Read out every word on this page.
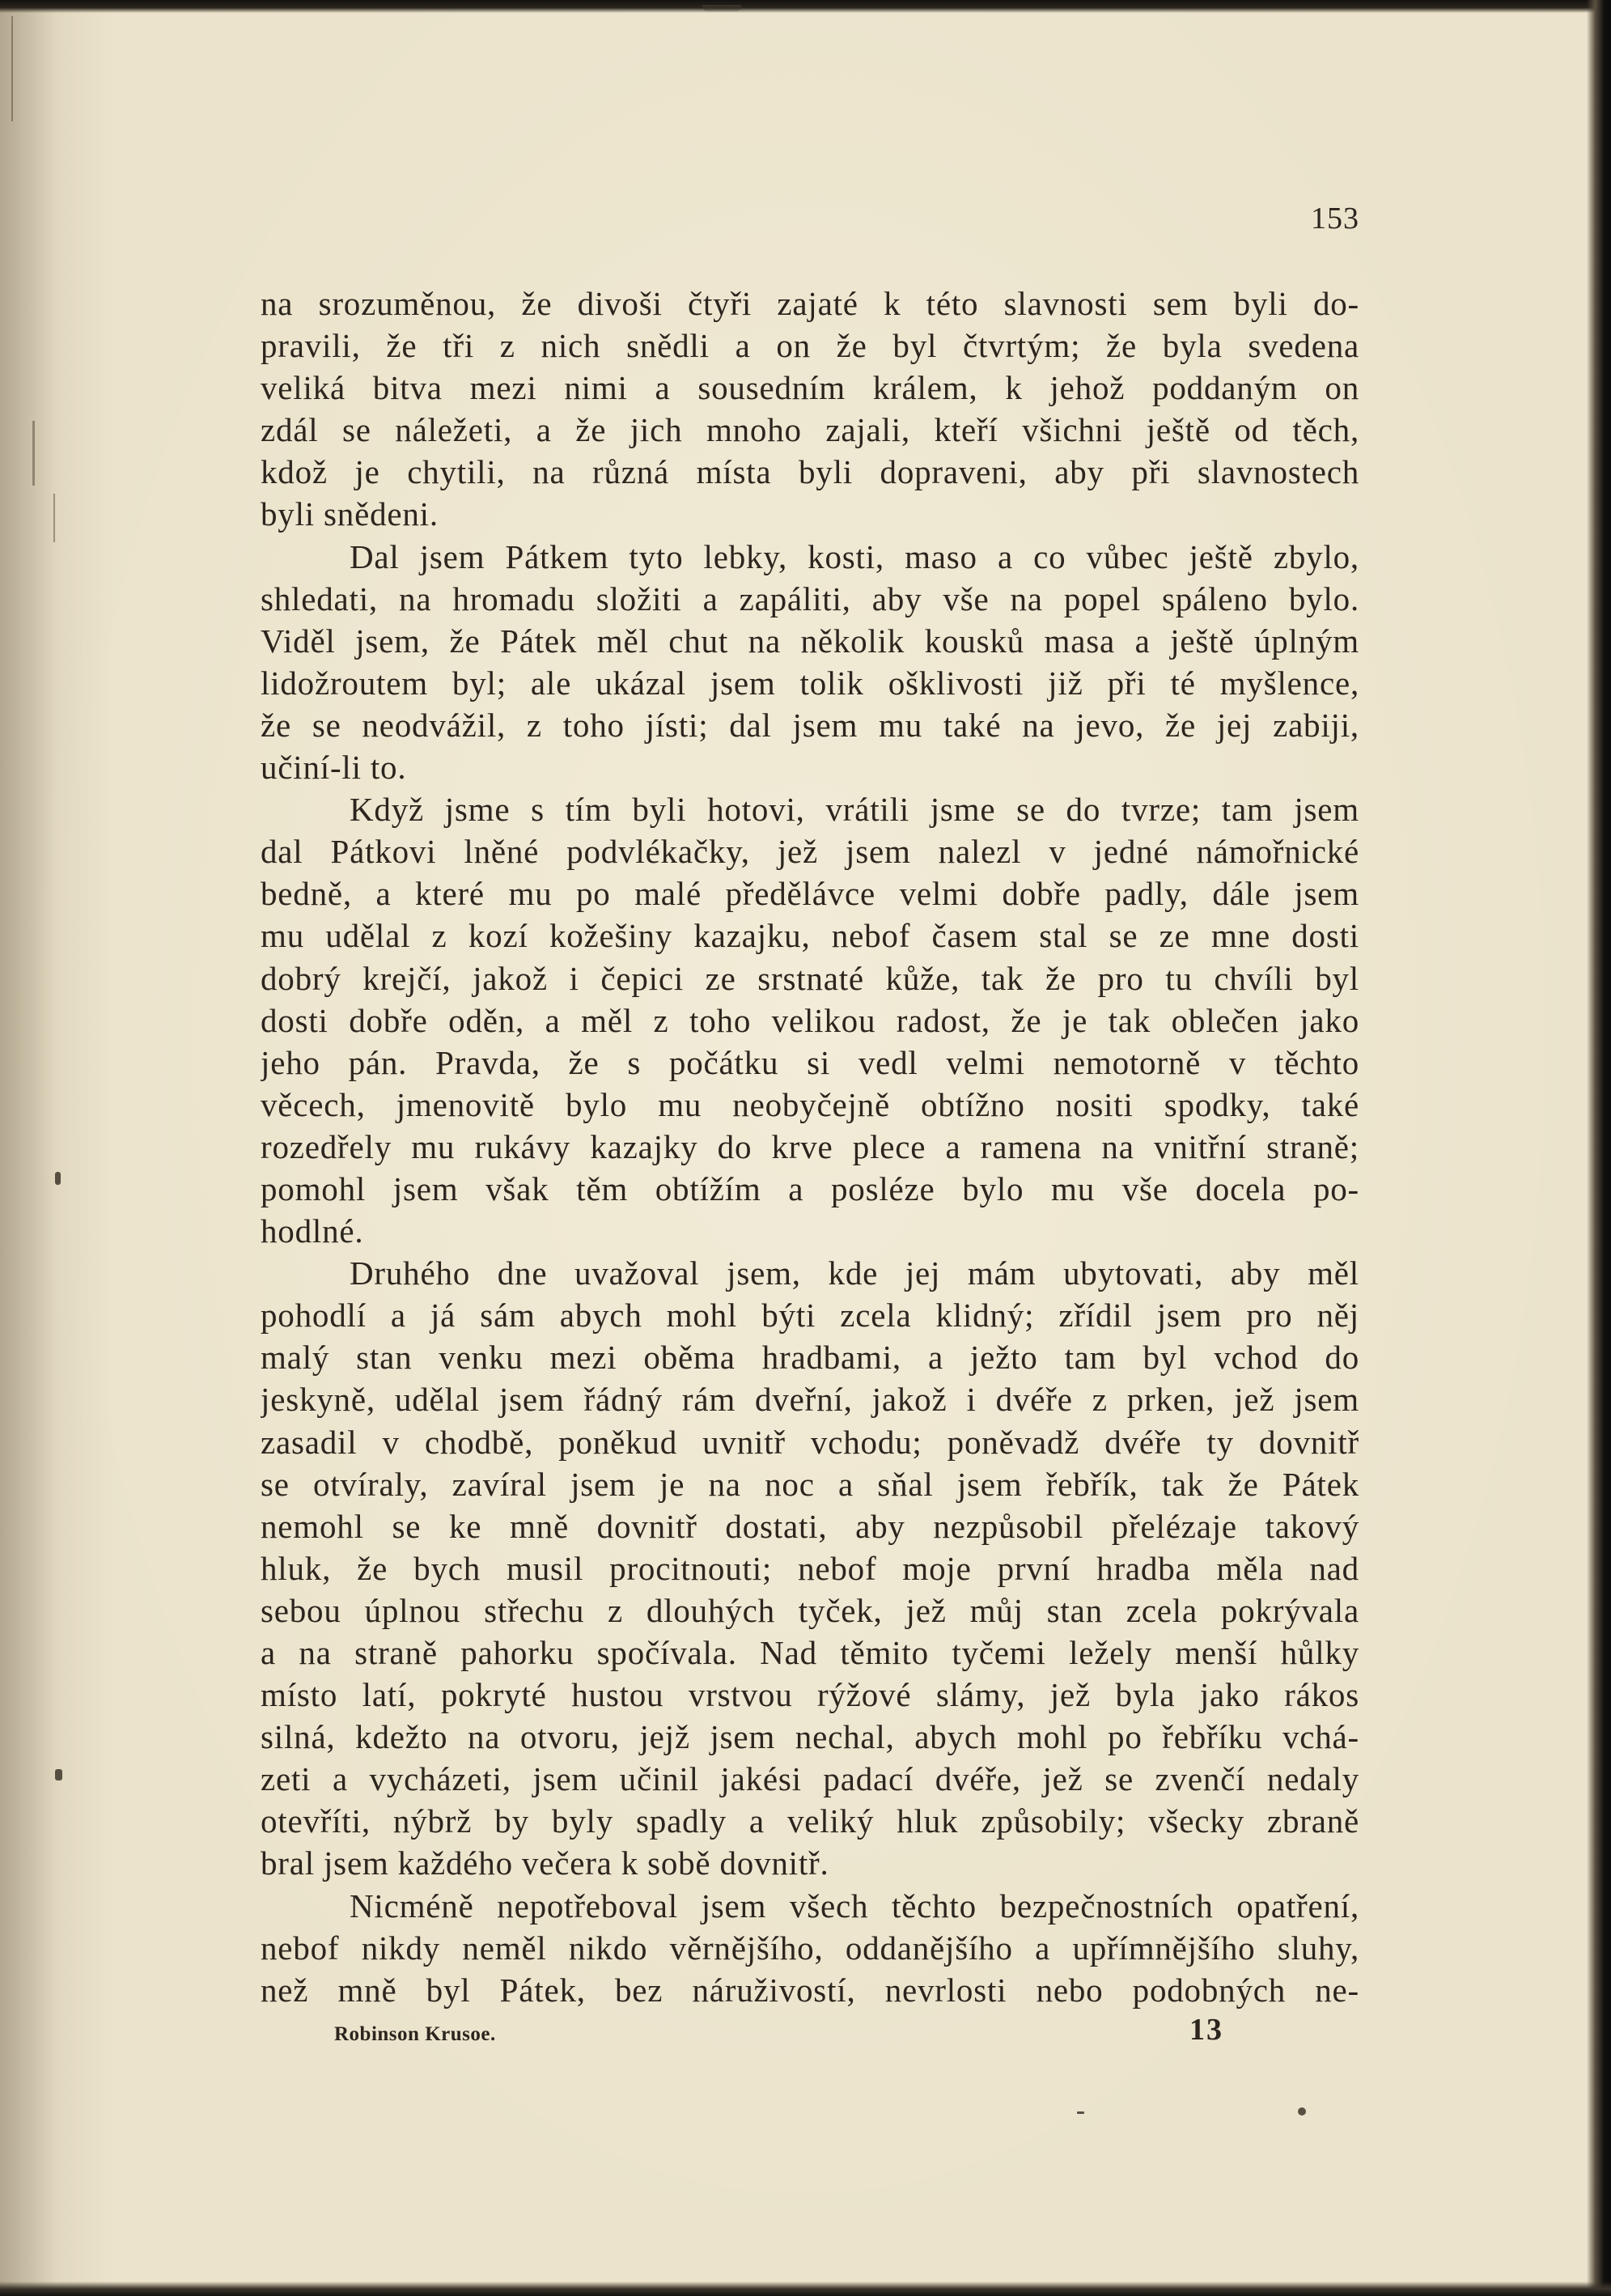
153
na srozuměnou, že divoši čtyři zajaté k této slavnosti sem byli do-
pravili, že tři z nich snědli a on že byl čtvrtým; že byla svedena
veliká bitva mezi nimi a sousedním králem, k jehož poddaným on
zdál se náležeti, a že jich mnoho zajali, kteří všichni ještě od těch,
kdož je chytili, na různá místa byli dopraveni, aby při slavnostech
byli snědeni.
Dal jsem Pátkem tyto lebky, kosti, maso a co vůbec ještě zbylo,
shledati, na hromadu složiti a zapáliti, aby vše na popel spáleno bylo.
Viděl jsem, že Pátek měl chut na několik kousků masa a ještě úplným
lidožroutem byl; ale ukázal jsem tolik ošklivosti již při té myšlence,
že se neodvážil, z toho jísti; dal jsem mu také na jevo, že jej zabiji,
učiní-li to.
Když jsme s tím byli hotovi, vrátili jsme se do tvrze; tam jsem
dal Pátkovi lněné podvlékačky, jež jsem nalezl v jedné námořnické
bedně, a které mu po malé předělávce velmi dobře padly, dále jsem
mu udělal z kozí kožešiny kazajku, nebof časem stal se ze mne dosti
dobrý krejčí, jakož i čepici ze srstnaté kůže, tak že pro tu chvíli byl
dosti dobře oděn, a měl z toho velikou radost, že je tak oblečen jako
jeho pán. Pravda, že s počátku si vedl velmi nemotorně v těchto
věcech, jmenovitě bylo mu neobyčejně obtížno nositi spodky, také
rozedřely mu rukávy kazajky do krve plece a ramena na vnitřní straně;
pomohl jsem však těm obtížím a posléze bylo mu vše docela po-
hodlné.
Druhého dne uvažoval jsem, kde jej mám ubytovati, aby měl
pohodlí a já sám abych mohl býti zcela klidný; zřídil jsem pro něj
malý stan venku mezi oběma hradbami, a ježto tam byl vchod do
jeskyně, udělal jsem řádný rám dveřní, jakož i dvéře z prken, jež jsem
zasadil v chodbě, poněkud uvnitř vchodu; poněvadž dvéře ty dovnitř
se otvíraly, zavíral jsem je na noc a sňal jsem řebřík, tak že Pátek
nemohl se ke mně dovnitř dostati, aby nezpůsobil přelézaje takový
hluk, že bych musil procitnouti; nebof moje první hradba měla nad
sebou úplnou střechu z dlouhých tyček, jež můj stan zcela pokrývala
a na straně pahorku spočívala. Nad těmito tyčemi ležely menší hůlky
místo latí, pokryté hustou vrstvou rýžové slámy, jež byla jako rákos
silná, kdežto na otvoru, jejž jsem nechal, abych mohl po řebříku vchá-
zeti a vycházeti, jsem učinil jakési padací dvéře, jež se zvenčí nedaly
otevříti, nýbrž by byly spadly a veliký hluk způsobily; všecky zbraně
bral jsem každého večera k sobě dovnitř.
Nicméně nepotřeboval jsem všech těchto bezpečnostních opatření,
nebof nikdy neměl nikdo věrnějšího, oddanějšího a upřímnějšího sluhy,
než mně byl Pátek, bez náruživostí, nevrlosti nebo podobných ne-
Robinson Krusoe.	13
